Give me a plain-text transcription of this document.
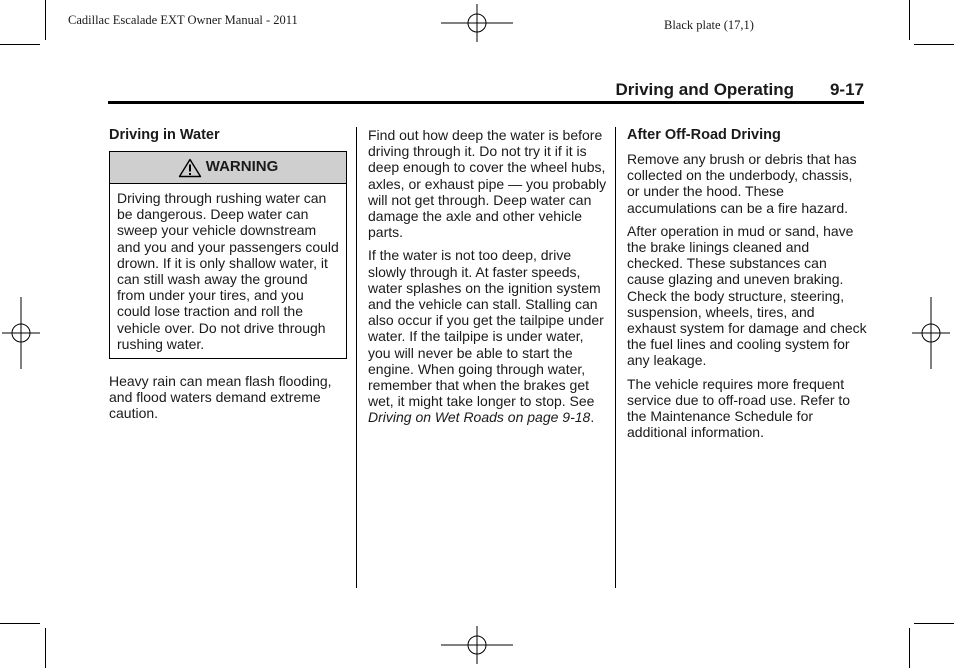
Cadillac Escalade EXT Owner Manual - 2011	Black plate (17,1)
Driving and Operating 9-17
Driving in Water
WARNING
Driving through rushing water can be dangerous. Deep water can sweep your vehicle downstream and you and your passengers could drown. If it is only shallow water, it can still wash away the ground from under your tires, and you could lose traction and roll the vehicle over. Do not drive through rushing water.

Heavy rain can mean flash flooding, and flood waters demand extreme caution.

Find out how deep the water is before driving through it. Do not try it if it is deep enough to cover the wheel hubs, axles, or exhaust pipe — you probably will not get through. Deep water can damage the axle and other vehicle parts.

If the water is not too deep, drive slowly through it. At faster speeds, water splashes on the ignition system and the vehicle can stall. Stalling can also occur if you get the tailpipe under water. If the tailpipe is under water, you will never be able to start the engine. When going through water, remember that when the brakes get wet, it might take longer to stop. See Driving on Wet Roads on page 9-18.

After Off-Road Driving

Remove any brush or debris that has collected on the underbody, chassis, or under the hood. These accumulations can be a fire hazard.

After operation in mud or sand, have the brake linings cleaned and checked. These substances can cause glazing and uneven braking. Check the body structure, steering, suspension, wheels, tires, and exhaust system for damage and check the fuel lines and cooling system for any leakage.

The vehicle requires more frequent service due to off-road use. Refer to the Maintenance Schedule for additional information.
